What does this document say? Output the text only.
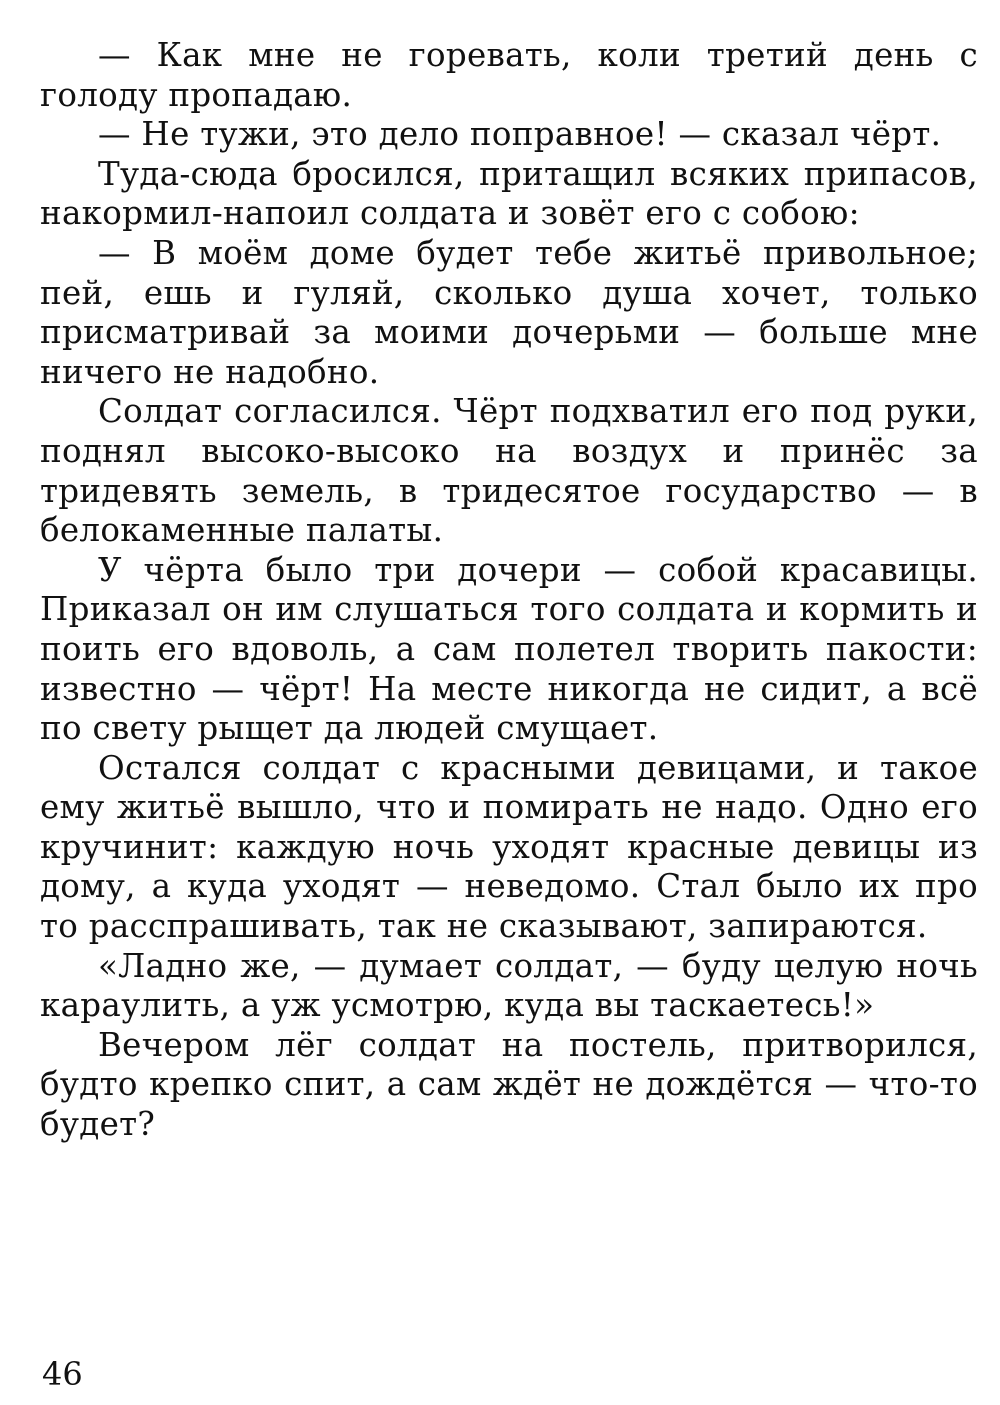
— Как мне не горевать, коли третий день с голоду пропадаю.

— Не тужи, это дело поправное! — сказал чёрт.

Туда-сюда бросился, притащил всяких припасов, накормил-напоил солдата и зовёт его с собою:

— В моём доме будет тебе житьё привольное; пей, ешь и гуляй, сколько душа хочет, только присматривай за моими дочерьми — больше мне ничего не надобно.

Солдат согласился. Чёрт подхватил его под руки, поднял высоко-высоко на воздух и принёс за тридевять земель, в тридесятое государство — в белокаменные палаты.

У чёрта было три дочери — собой красавицы. Приказал он им слушаться того солдата и кормить и поить его вдоволь, а сам полетел творить пакости: известно — чёрт! На месте никогда не сидит, а всё по свету рыщет да людей смущает.

Остался солдат с красными девицами, и такое ему житьё вышло, что и помирать не надо. Одно его кручинит: каждую ночь уходят красные девицы из дому, а куда уходят — неведомо. Стал было их про то расспрашивать, так не сказывают, запираются.

«Ладно же, — думает солдат, — буду целую ночь караулить, а уж усмотрю, куда вы таскаетесь!»

Вечером лёг солдат на постель, притворился, будто крепко спит, а сам ждёт не дождётся — что-то будет?

46
